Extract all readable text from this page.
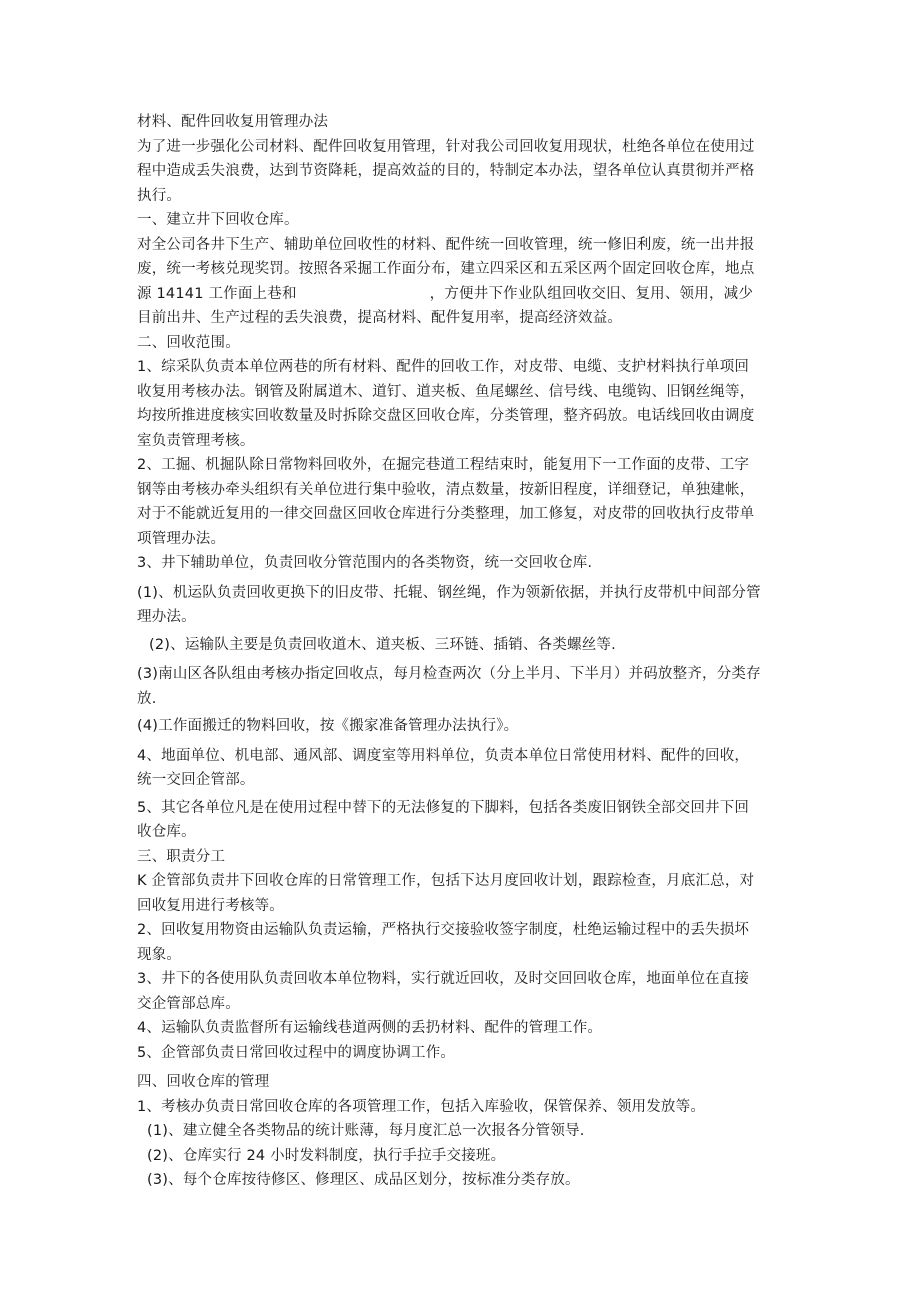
材料、配件回收复用管理办法

为了进一步强化公司材料、配件回收复用管理，针对我公司回收复用现状，杜绝各单位在使用过

程中造成丢失浪费，达到节资降耗，提高效益的目的，特制定本办法，望各单位认真贯彻并严格

执行。

一、建立井下回收仓库。

对全公司各井下生产、辅助单位回收性的材料、配件统一回收管理，统一修旧利废，统一出井报

废，统一考核兑现奖罚。按照各采掘工作面分布，建立四采区和五采区两个固定回收仓库，地点

源 14141 工作面上巷和	，方便井下作业队组回收交旧、复用、领用，减少

目前出井、生产过程的丢失浪费，提高材料、配件复用率，提高经济效益。

二、回收范围。

1、综采队负责本单位两巷的所有材料、配件的回收工作，对皮带、电缆、支护材料执行单项回

收复用考核办法。钢管及附属道木、道钉、道夹板、鱼尾螺丝、信号线、电缆钩、旧钢丝绳等，

均按所推进度核实回收数量及时拆除交盘区回收仓库，分类管理，整齐码放。电话线回收由调度

室负责管理考核。

2、工掘、机掘队除日常物料回收外，在掘完巷道工程结束时，能复用下一工作面的皮带、工字

钢等由考核办牵头组织有关单位进行集中验收，清点数量，按新旧程度，详细登记，单独建帐，

对于不能就近复用的一律交回盘区回收仓库进行分类整理，加工修复，对皮带的回收执行皮带单

项管理办法。

3、井下辅助单位，负责回收分管范围内的各类物资，统一交回收仓库.

(1)、机运队负责回收更换下的旧皮带、托辊、钢丝绳，作为领新依据，并执行皮带机中间部分管

理办法。

(2)、运输队主要是负责回收道木、道夹板、三环链、插销、各类螺丝等.

(3)南山区各队组由考核办指定回收点，每月检查两次（分上半月、下半月）并码放整齐，分类存

放.

(4)工作面搬迁的物料回收，按《搬家准备管理办法执行》。

4、地面单位、机电部、通风部、调度室等用料单位，负责本单位日常使用材料、配件的回收，

统一交回企管部。

5、其它各单位凡是在使用过程中替下的无法修复的下脚料，包括各类废旧钢铁全部交回井下回

收仓库。

三、职责分工

K 企管部负责井下回收仓库的日常管理工作，包括下达月度回收计划，跟踪检查，月底汇总，对

回收复用进行考核等。

2、回收复用物资由运输队负责运输，严格执行交接验收签字制度，杜绝运输过程中的丢失损坏

现象。

3、井下的各使用队负责回收本单位物料，实行就近回收，及时交回回收仓库，地面单位在直接

交企管部总库。

4、运输队负责监督所有运输线巷道两侧的丢扔材料、配件的管理工作。

5、企管部负责日常回收过程中的调度协调工作。

四、回收仓库的管理

1、考核办负责日常回收仓库的各项管理工作，包括入库验收，保管保养、领用发放等。

(1)、建立健全各类物品的统计账薄，每月度汇总一次报各分管领导.

(2)、仓库实行 24 小时发料制度，执行手拉手交接班。

(3)、每个仓库按待修区、修理区、成品区划分，按标准分类存放。
